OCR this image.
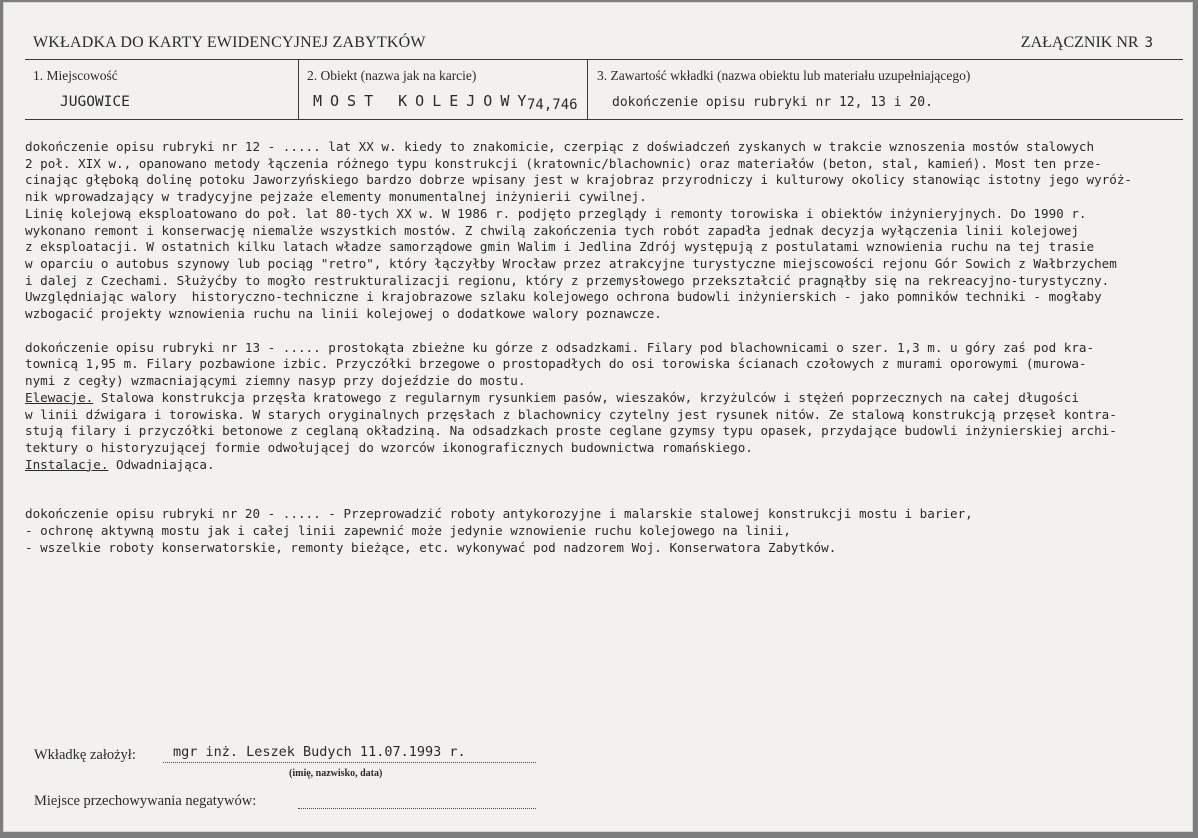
WKŁADKA DO KARTY EWIDENCYJNEJ ZABYTKÓW	ZAŁĄCZNIK NR 3
1. Miejscowość
JUGOWICE
2. Obiekt (nazwa jak na karcie)
MOST KOLEJOWY
74,746
3. Zawartość wkładki (nazwa obiektu lub materiału uzupełniającego)
dokończenie opisu rubryki nr 12, 13 i 20.
dokończenie opisu rubryki nr 12 - ..... lat XX w. kiedy to znakomicie, czerpiąc z doświadczeń zyskanych w trakcie wznoszenia mostów stalowych
2 poł. XIX w., opanowano metody łączenia różnego typu konstrukcji (kratownic/blachownic) oraz materiałów (beton, stal, kamień). Most ten prze-
cinając głęboką dolinę potoku Jaworzyńskiego bardzo dobrze wpisany jest w krajobraz przyrodniczy i kulturowy okolicy stanowiąc istotny jego wyróż-
nik wprowadzający w tradycyjne pejzaże elementy monumentalnej inżynierii cywilnej.
Linię kolejową eksploatowano do poł. lat 80-tych XX w. W 1986 r. podjęto przeglądy i remonty torowiska i obiektów inżynieryjnych. Do 1990 r.
wykonano remont i konserwację niemalże wszystkich mostów. Z chwilą zakończenia tych robót zapadła jednak decyzja wyłączenia linii kolejowej
z eksploatacji. W ostatnich kilku latach władze samorządowe gmin Walim i Jedlina Zdrój występują z postulatami wznowienia ruchu na tej trasie
w oparciu o autobus szynowy lub pociąg "retro", który łączyłby Wrocław przez atrakcyjne turystyczne miejscowości rejonu Gór Sowich z Wałbrzychem
i dalej z Czechami. Służyćby to mogło restrukturalizacji regionu, który z przemysłowego przekształcić pragnąłby się na rekreacyjno-turystyczny.
Uwzględniając walory  historyczno-techniczne i krajobrazowe szlaku kolejowego ochrona budowli inżynierskich - jako pomników techniki - mogłaby
wzbogacić projekty wznowienia ruchu na linii kolejowej o dodatkowe walory poznawcze.
dokończenie opisu rubryki nr 13 - ..... prostokąta zbieżne ku górze z odsadzkami. Filary pod blachownicami o szer. 1,3 m. u góry zaś pod kra-
townicą 1,95 m. Filary pozbawione izbic. Przyczółki brzegowe o prostopadłych do osi torowiska ścianach czołowych z murami oporowymi (murowa-
nymi z cegły) wzmacniającymi ziemny nasyp przy dojeździe do mostu.
Elewacje. Stalowa konstrukcja przęsła kratowego z regularnym rysunkiem pasów, wieszaków, krzyżulców i stężeń poprzecznych na całej długości
w linii dźwigara i torowiska. W starych oryginalnych przęsłach z blachownicy czytelny jest rysunek nitów. Ze stalową konstrukcją przęseł kontra-
stują filary i przyczółki betonowe z ceglaną okładziną. Na odsadzkach proste ceglane gzymsy typu opasek, przydające budowli inżynierskiej archi-
tektury o historyzującej formie odwołującej do wzorców ikonograficznych budownictwa romańskiego.
Instalacje. Odwadniająca.
dokończenie opisu rubryki nr 20 - ..... - Przeprowadzić roboty antykorozyjne i malarskie stalowej konstrukcji mostu i barier,
- ochronę aktywną mostu jak i całej linii zapewnić może jedynie wznowienie ruchu kolejowego na linii,
- wszelkie roboty konserwatorskie, remonty bieżące, etc. wykonywać pod nadzorem Woj. Konserwatora Zabytków.
Wkładkę założył:	mgr inż. Leszek Budych 11.07.1993 r.
(imię, nazwisko, data)
Miejsce przechowywania negatywów:
